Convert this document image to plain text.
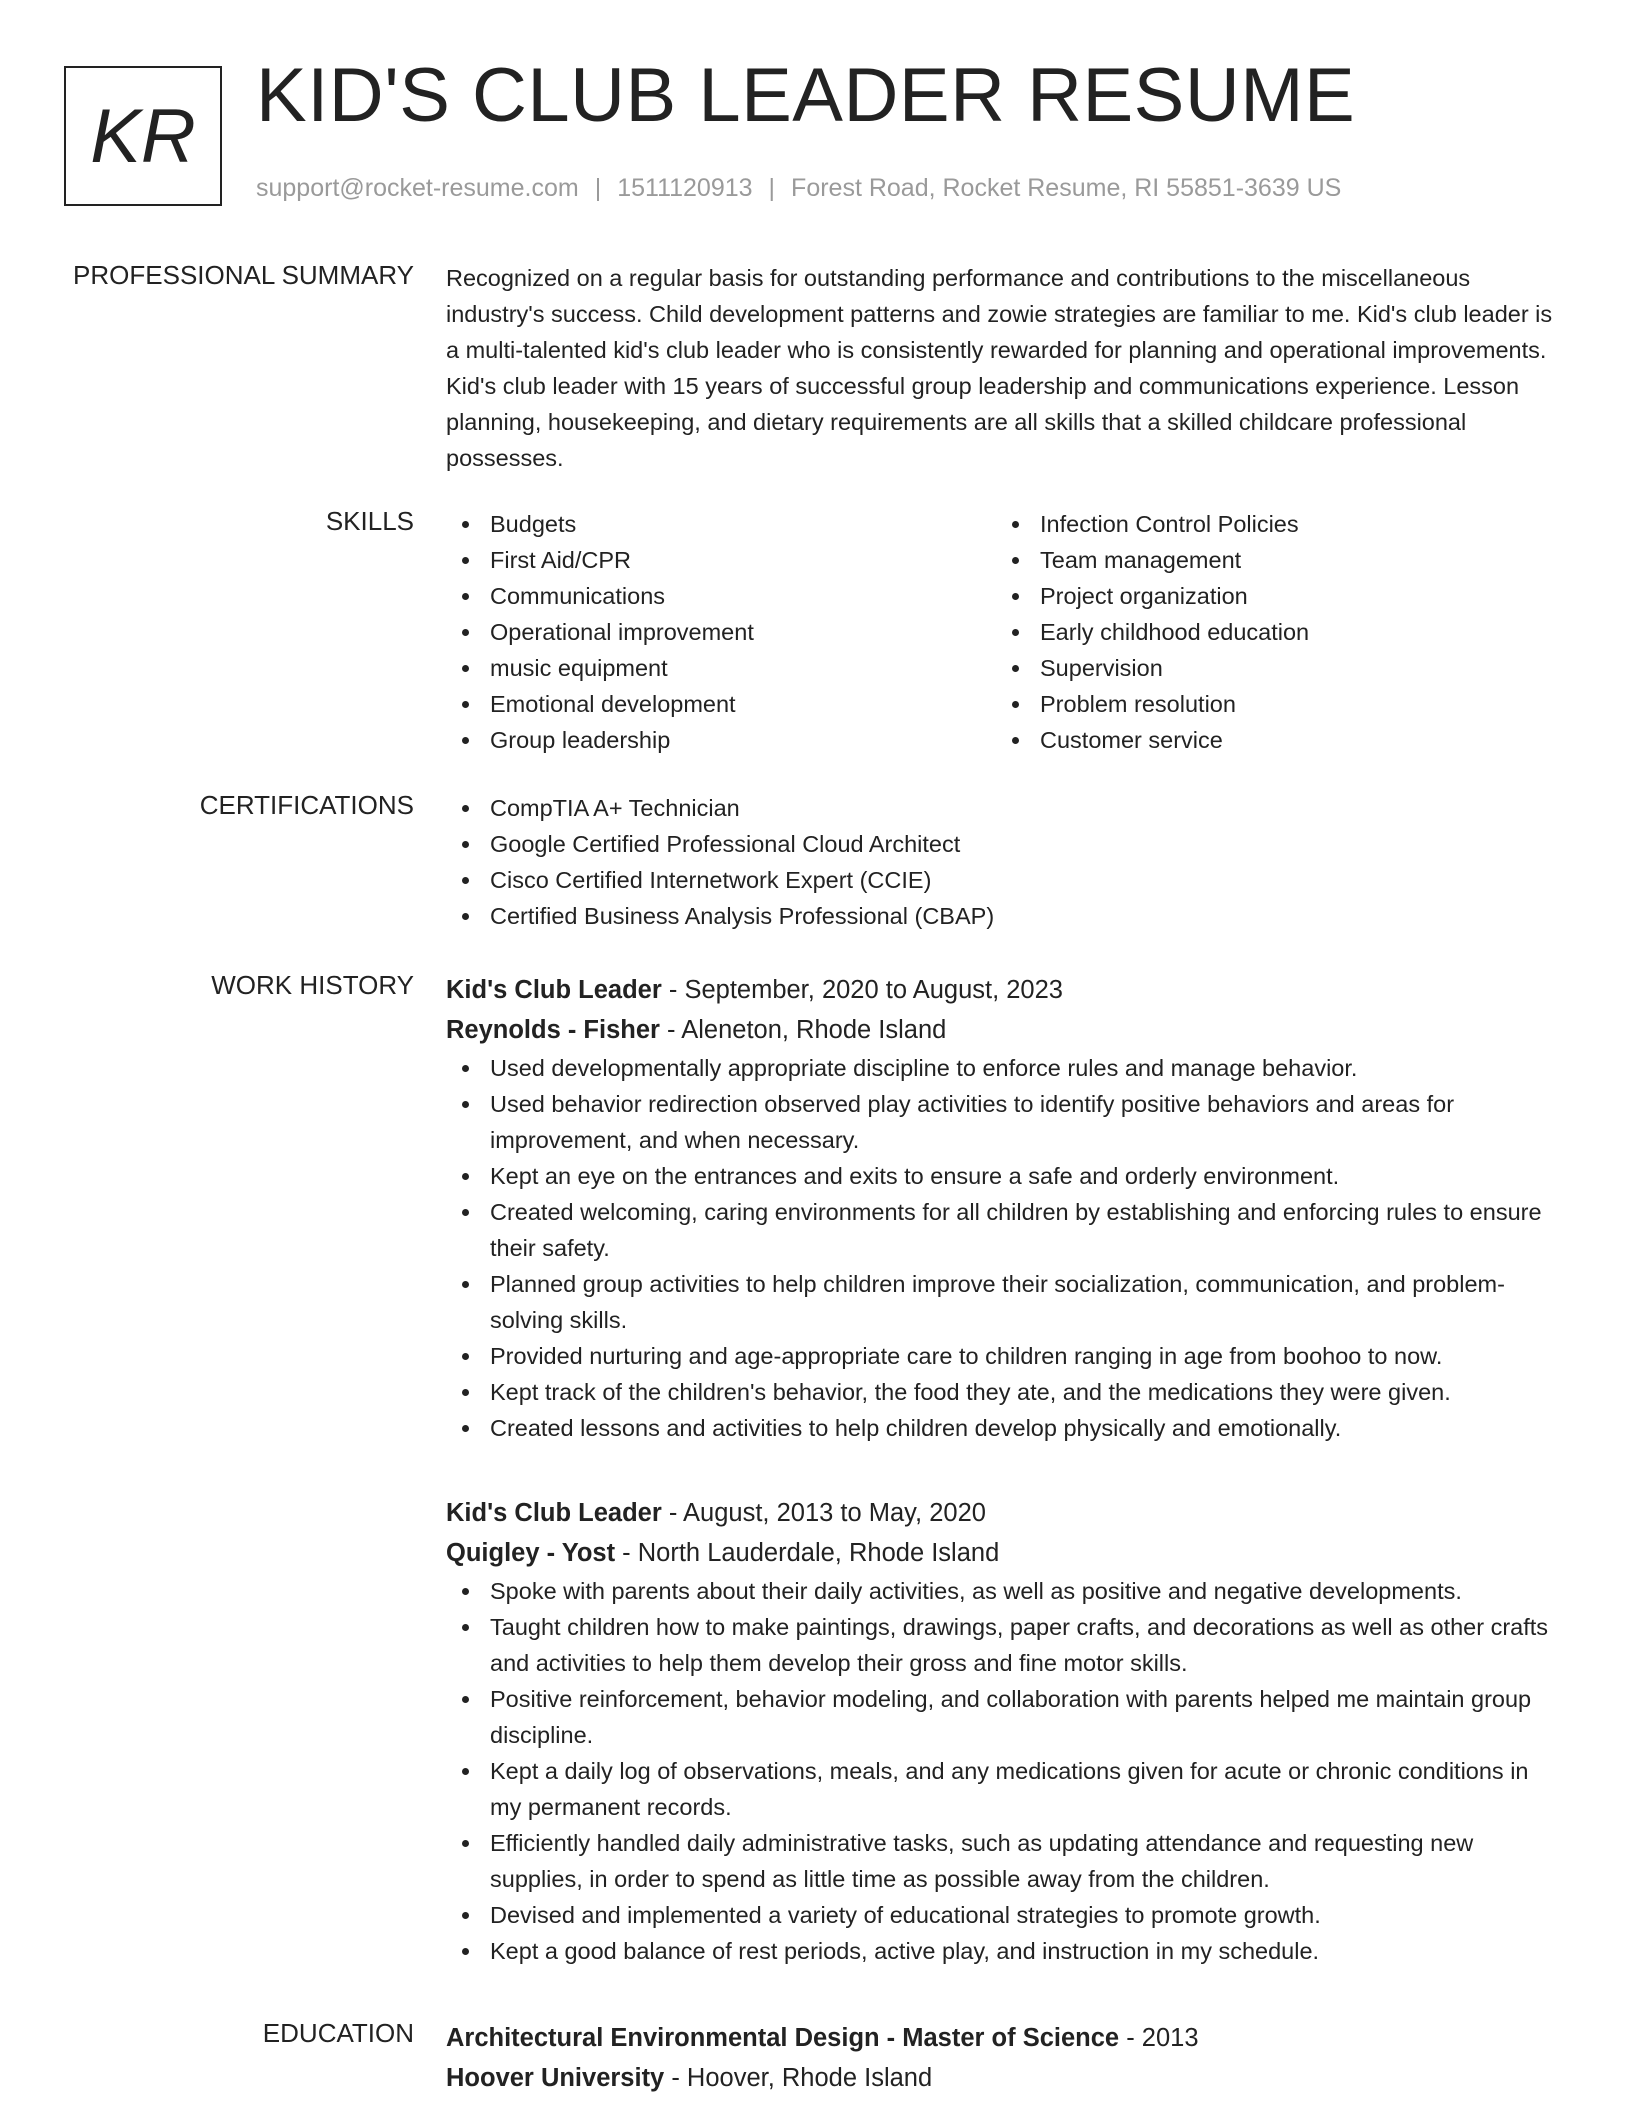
KR KID'S CLUB LEADER RESUME
support@rocket-resume.com | 1511120913 | Forest Road, Rocket Resume, RI 55851-3639 US
PROFESSIONAL SUMMARY Recognized on a regular basis for outstanding performance and contributions to the miscellaneous industry's success. Child development patterns and zowie strategies are familiar to me. Kid's club leader is a multi-talented kid's club leader who is consistently rewarded for planning and operational improvements. Kid's club leader with 15 years of successful group leadership and communications experience. Lesson planning, housekeeping, and dietary requirements are all skills that a skilled childcare professional possesses.

SKILLS	Budgets
First Aid/CPR
Communications
Operational improvement
music equipment
Emotional development
Group leadership
Infection Control Policies
Team management
Project organization
Early childhood education
Supervision
Problem resolution
Customer service
CERTIFICATIONS	CompTIA A+ Technician
Google Certified Professional Cloud Architect
Cisco Certified Internetwork Expert (CCIE)
Certified Business Analysis Professional (CBAP)
WORK HISTORY Kid's Club Leader - September, 2020 to August, 2023
Reynolds - Fisher - Aleneton, Rhode Island
Used developmentally appropriate discipline to enforce rules and manage behavior.
Used behavior redirection observed play activities to identify positive behaviors and areas for improvement, and when necessary.
Kept an eye on the entrances and exits to ensure a safe and orderly environment.
Created welcoming, caring environments for all children by establishing and enforcing rules to ensure their safety.
Planned group activities to help children improve their socialization, communication, and problem-solving skills.
Provided nurturing and age-appropriate care to children ranging in age from boohoo to now.
Kept track of the children's behavior, the food they ate, and the medications they were given.
Created lessons and activities to help children develop physically and emotionally.
Kid's Club Leader - August, 2013 to May, 2020
Quigley - Yost - North Lauderdale, Rhode Island
Spoke with parents about their daily activities, as well as positive and negative developments.
Taught children how to make paintings, drawings, paper crafts, and decorations as well as other crafts and activities to help them develop their gross and fine motor skills.
Positive reinforcement, behavior modeling, and collaboration with parents helped me maintain group discipline.
Kept a daily log of observations, meals, and any medications given for acute or chronic conditions in my permanent records.
Efficiently handled daily administrative tasks, such as updating attendance and requesting new supplies, in order to spend as little time as possible away from the children.
Devised and implemented a variety of educational strategies to promote growth.
Kept a good balance of rest periods, active play, and instruction in my schedule.
EDUCATION Architectural Environmental Design - Master of Science - 2013
Hoover University - Hoover, Rhode Island
